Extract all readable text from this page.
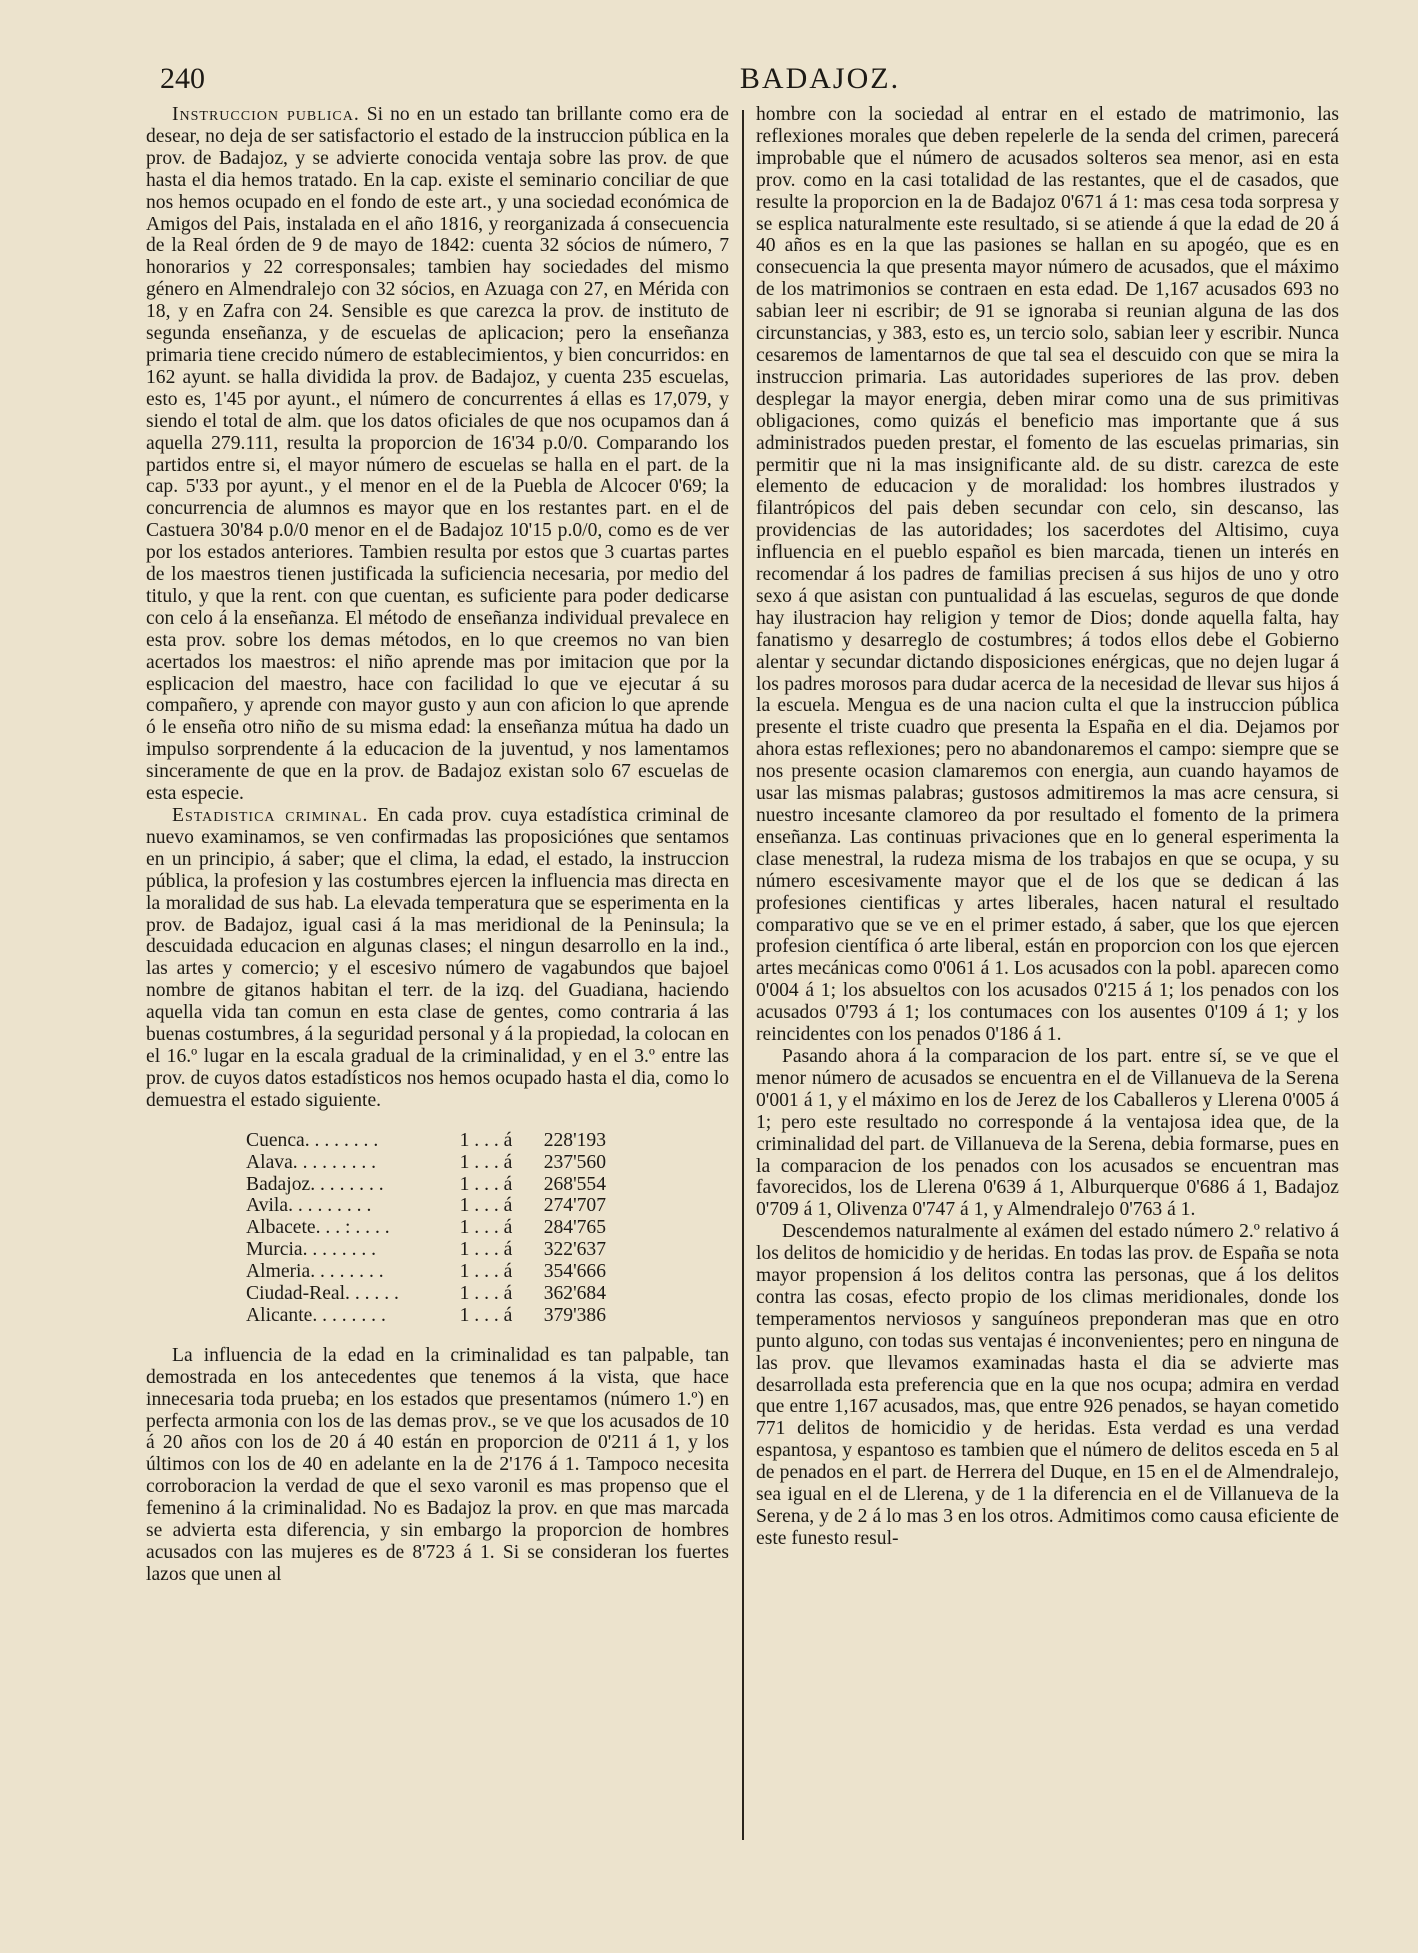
240	BADAJOZ.

Instruccion publica. Si no en un estado tan brillante como era de desear, no deja de ser satisfactorio el estado de la instruccion pública en la prov. de Badajoz, y se advierte conocida ventaja sobre las prov. de que hasta el dia hemos tratado. En la cap. existe el seminario conciliar de que nos hemos ocupado en el fondo de este art., y una sociedad económica de Amigos del Pais, instalada en el año 1816, y reorganizada á consecuencia de la Real órden de 9 de mayo de 1842: cuenta 32 sócios de número, 7 honorarios y 22 corresponsales; tambien hay sociedades del mismo género en Almendralejo con 32 sócios, en Azuaga con 27, en Mérida con 18, y en Zafra con 24. Sensible es que carezca la prov. de instituto de segunda enseñanza, y de escuelas de aplicacion; pero la enseñanza primaria tiene crecido número de establecimientos, y bien concurridos: en 162 ayunt. se halla dividida la prov. de Badajoz, y cuenta 235 escuelas, esto es, 1'45 por ayunt., el número de concurrentes á ellas es 17,079, y siendo el total de alm. que los datos oficiales de que nos ocupamos dan á aquella 279.111, resulta la proporcion de 16'34 p.0/0. Comparando los partidos entre si, el mayor número de escuelas se halla en el part. de la cap. 5'33 por ayunt., y el menor en el de la Puebla de Alcocer 0'69; la concurrencia de alumnos es mayor que en los restantes part. en el de Castuera 30'84 p.0/0 menor en el de Badajoz 10'15 p.0/0, como es de ver por los estados anteriores. Tambien resulta por estos que 3 cuartas partes de los maestros tienen justificada la suficiencia necesaria, por medio del titulo, y que la rent. con que cuentan, es suficiente para poder dedicarse con celo á la enseñanza. El método de enseñanza individual prevalece en esta prov. sobre los demas métodos, en lo que creemos no van bien acertados los maestros: el niño aprende mas por imitacion que por la esplicacion del maestro, hace con facilidad lo que ve ejecutar á su compañero, y aprende con mayor gusto y aun con aficion lo que aprende ó le enseña otro niño de su misma edad: la enseñanza mútua ha dado un impulso sorprendente á la educacion de la juventud, y nos lamentamos sinceramente de que en la prov. de Badajoz existan solo 67 escuelas de esta especie.

Estadistica criminal. En cada prov. cuya estadística criminal de nuevo examinamos, se ven confirmadas las proposiciónes que sentamos en un principio, á saber; que el clima, la edad, el estado, la instruccion pública, la profesion y las costumbres ejercen la influencia mas directa en la moralidad de sus hab. La elevada temperatura que se esperimenta en la prov. de Badajoz, igual casi á la mas meridional de la Peninsula; la descuidada educacion en algunas clases; el ningun desarrollo en la ind., las artes y comercio; y el escesivo número de vagabundos que bajoel nombre de gitanos habitan el terr. de la izq. del Guadiana, haciendo aquella vida tan comun en esta clase de gentes, como contraria á las buenas costumbres, á la seguridad personal y á la propiedad, la colocan en el 16.º lugar en la escala gradual de la criminalidad, y en el 3.º entre las prov. de cuyos datos estadísticos nos hemos ocupado hasta el dia, como lo demuestra el estado siguiente.

Cuenca. . . . . . . .	1 . . . á	228'193
Alava. . . . . . . . .	1 . . . á	237'560
Badajoz. . . . . . . .	1 . . . á	268'554
Avila. . . . . . . . .	1 . . . á	274'707
Albacete. . . : . . . .	1 . . . á	284'765
Murcia. . . . . . . .	1 . . . á	322'637
Almeria. . . . . . . .	1 . . . á	354'666
Ciudad-Real. . . . . .	1 . . . á	362'684
Alicante. . . . . . . .	1 . . . á	379'386

La influencia de la edad en la criminalidad es tan palpable, tan demostrada en los antecedentes que tenemos á la vista, que hace innecesaria toda prueba; en los estados que presentamos (número 1.º) en perfecta armonia con los de las demas prov., se ve que los acusados de 10 á 20 años con los de 20 á 40 están en proporcion de 0'211 á 1, y los últimos con los de 40 en adelante en la de 2'176 á 1. Tampoco necesita corroboracion la verdad de que el sexo varonil es mas propenso que el femenino á la criminalidad. No es Badajoz la prov. en que mas marcada se advierta esta diferencia, y sin embargo la proporcion de hombres acusados con las mujeres es de 8'723 á 1. Si se consideran los fuertes lazos que unen al

hombre con la sociedad al entrar en el estado de matrimonio, las reflexiones morales que deben repelerle de la senda del crimen, parecerá improbable que el número de acusados solteros sea menor, asi en esta prov. como en la casi totalidad de las restantes, que el de casados, que resulte la proporcion en la de Badajoz 0'671 á 1: mas cesa toda sorpresa y se esplica naturalmente este resultado, si se atiende á que la edad de 20 á 40 años es en la que las pasiones se hallan en su apogéo, que es en consecuencia la que presenta mayor número de acusados, que el máximo de los matrimonios se contraen en esta edad. De 1,167 acusados 693 no sabian leer ni escribir; de 91 se ignoraba si reunian alguna de las dos circunstancias, y 383, esto es, un tercio solo, sabian leer y escribir. Nunca cesaremos de lamentarnos de que tal sea el descuido con que se mira la instruccion primaria. Las autoridades superiores de las prov. deben desplegar la mayor energia, deben mirar como una de sus primitivas obligaciones, como quizás el beneficio mas importante que á sus administrados pueden prestar, el fomento de las escuelas primarias, sin permitir que ni la mas insignificante ald. de su distr. carezca de este elemento de educacion y de moralidad: los hombres ilustrados y filantrópicos del pais deben secundar con celo, sin descanso, las providencias de las autoridades; los sacerdotes del Altisimo, cuya influencia en el pueblo español es bien marcada, tienen un interés en recomendar á los padres de familias precisen á sus hijos de uno y otro sexo á que asistan con puntualidad á las escuelas, seguros de que donde hay ilustracion hay religion y temor de Dios; donde aquella falta, hay fanatismo y desarreglo de costumbres; á todos ellos debe el Gobierno alentar y secundar dictando disposiciones enérgicas, que no dejen lugar á los padres morosos para dudar acerca de la necesidad de llevar sus hijos á la escuela. Mengua es de una nacion culta el que la instruccion pública presente el triste cuadro que presenta la España en el dia. Dejamos por ahora estas reflexiones; pero no abandonaremos el campo: siempre que se nos presente ocasion clamaremos con energia, aun cuando hayamos de usar las mismas palabras; gustosos admitiremos la mas acre censura, si nuestro incesante clamoreo da por resultado el fomento de la primera enseñanza. Las continuas privaciones que en lo general esperimenta la clase menestral, la rudeza misma de los trabajos en que se ocupa, y su número escesivamente mayor que el de los que se dedican á las profesiones cientificas y artes liberales, hacen natural el resultado comparativo que se ve en el primer estado, á saber, que los que ejercen profesion científica ó arte liberal, están en proporcion con los que ejercen artes mecánicas como 0'061 á 1. Los acusados con la pobl. aparecen como 0'004 á 1; los absueltos con los acusados 0'215 á 1; los penados con los acusados 0'793 á 1; los contumaces con los ausentes 0'109 á 1; y los reincidentes con los penados 0'186 á 1.

Pasando ahora á la comparacion de los part. entre sí, se ve que el menor número de acusados se encuentra en el de Villanueva de la Serena 0'001 á 1, y el máximo en los de Jerez de los Caballeros y Llerena 0'005 á 1; pero este resultado no corresponde á la ventajosa idea que, de la criminalidad del part. de Villanueva de la Serena, debia formarse, pues en la comparacion de los penados con los acusados se encuentran mas favorecidos, los de Llerena 0'639 á 1, Alburquerque 0'686 á 1, Badajoz 0'709 á 1, Olivenza 0'747 á 1, y Almendralejo 0'763 á 1.

Descendemos naturalmente al exámen del estado número 2.º relativo á los delitos de homicidio y de heridas. En todas las prov. de España se nota mayor propension á los delitos contra las personas, que á los delitos contra las cosas, efecto propio de los climas meridionales, donde los temperamentos nerviosos y sanguíneos preponderan mas que en otro punto alguno, con todas sus ventajas é inconvenientes; pero en ninguna de las prov. que llevamos examinadas hasta el dia se advierte mas desarrollada esta preferencia que en la que nos ocupa; admira en verdad que entre 1,167 acusados, mas, que entre 926 penados, se hayan cometido 771 delitos de homicidio y de heridas. Esta verdad es una verdad espantosa, y espantoso es tambien que el número de delitos esceda en 5 al de penados en el part. de Herrera del Duque, en 15 en el de Almendralejo, sea igual en el de Llerena, y de 1 la diferencia en el de Villanueva de la Serena, y de 2 á lo mas 3 en los otros. Admitimos como causa eficiente de este funesto resul-
